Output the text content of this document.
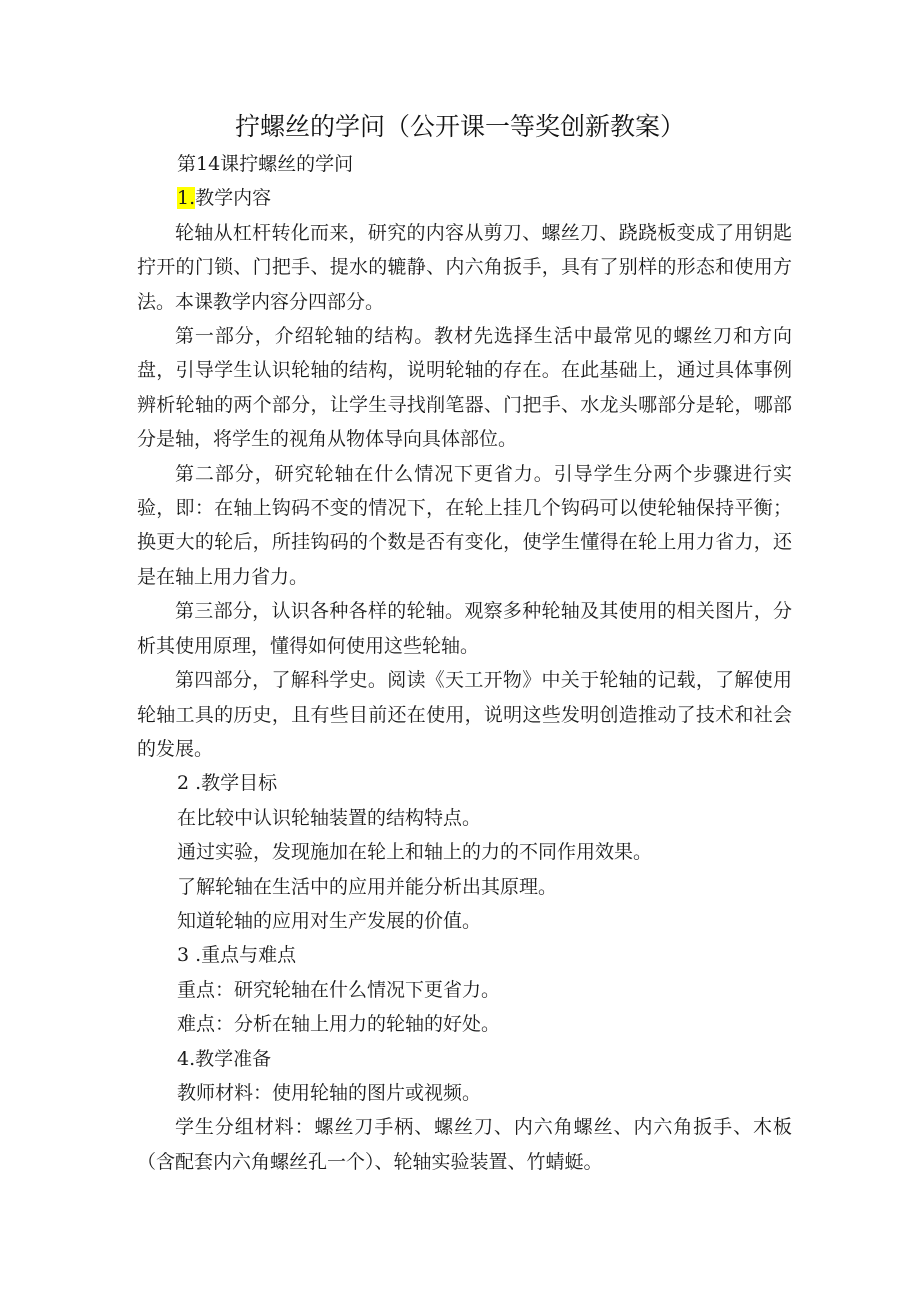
拧螺丝的学问（公开课一等奖创新教案）

第14课拧螺丝的学问

1.教学内容

轮轴从杠杆转化而来，研究的内容从剪刀、螺丝刀、跷跷板变成了用钥匙拧开的门锁、门把手、提水的辘静、内六角扳手，具有了别样的形态和使用方法。本课教学内容分四部分。

第一部分，介绍轮轴的结构。教材先选择生活中最常见的螺丝刀和方向盘，引导学生认识轮轴的结构，说明轮轴的存在。在此基础上，通过具体事例辨析轮轴的两个部分，让学生寻找削笔器、门把手、水龙头哪部分是轮，哪部分是轴，将学生的视角从物体导向具体部位。

第二部分，研究轮轴在什么情况下更省力。引导学生分两个步骤进行实验，即：在轴上钩码不变的情况下，在轮上挂几个钩码可以使轮轴保持平衡；换更大的轮后，所挂钩码的个数是否有变化，使学生懂得在轮上用力省力，还是在轴上用力省力。

第三部分，认识各种各样的轮轴。观察多种轮轴及其使用的相关图片，分析其使用原理，懂得如何使用这些轮轴。

第四部分，了解科学史。阅读《天工开物》中关于轮轴的记载，了解使用轮轴工具的历史，且有些目前还在使用，说明这些发明创造推动了技术和社会的发展。

2 .教学目标

在比较中认识轮轴装置的结构特点。

通过实验，发现施加在轮上和轴上的力的不同作用效果。

了解轮轴在生活中的应用并能分析出其原理。

知道轮轴的应用对生产发展的价值。

3 .重点与难点

重点：研究轮轴在什么情况下更省力。

难点：分析在轴上用力的轮轴的好处。

4.教学准备

教师材料：使用轮轴的图片或视频。

学生分组材料：螺丝刀手柄、螺丝刀、内六角螺丝、内六角扳手、木板（含配套内六角螺丝孔一个）、轮轴实验装置、竹蜻蜓。
